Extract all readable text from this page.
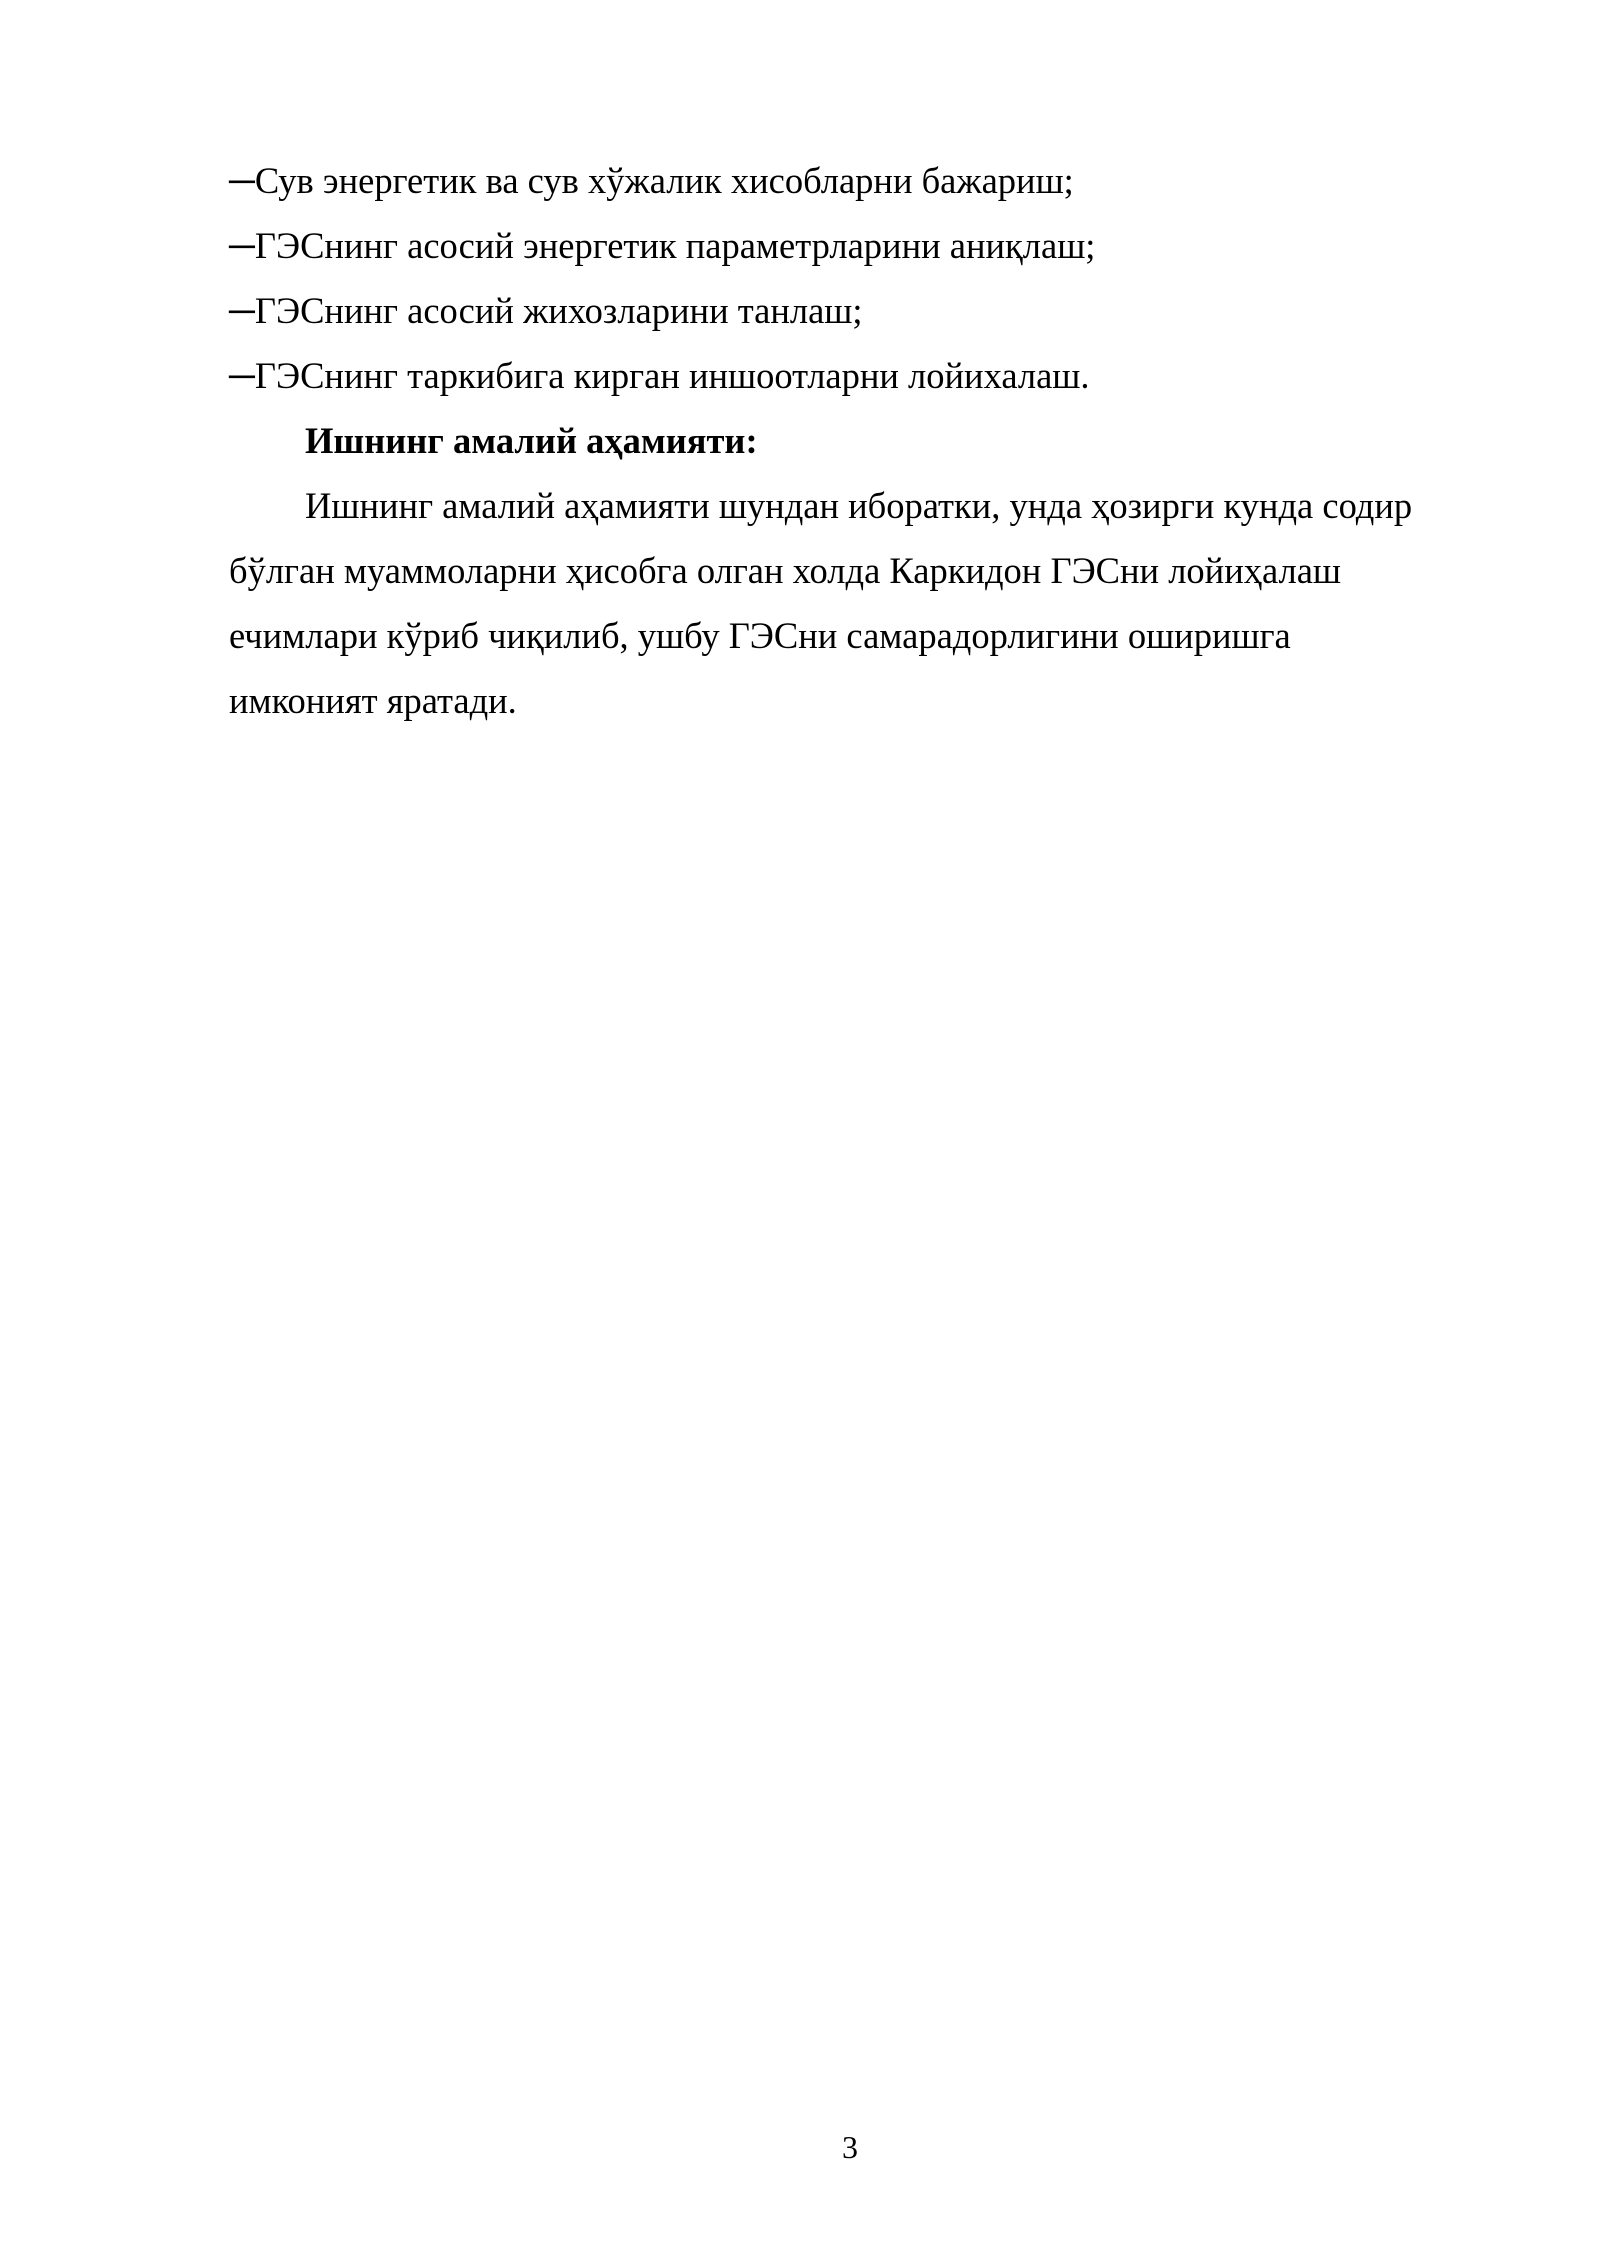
─Сув энергетик ва сув хўжалик хисобларни бажариш;
─ГЭСнинг асосий энергетик параметрларини аниқлаш;
─ГЭСнинг асосий жихозларини танлаш;
─ГЭСнинг таркибига кирган иншоотларни лойихалаш.

Ишнинг амалий аҳамияти:

Ишнинг амалий аҳамияти шундан иборатки, унда ҳозирги кунда содир
бўлган муаммоларни ҳисобга олган холда Каркидон ГЭСни лойиҳалаш
ечимлари кўриб чиқилиб, ушбу ГЭСни самарадорлигини оширишга
имконият яратади.

3
